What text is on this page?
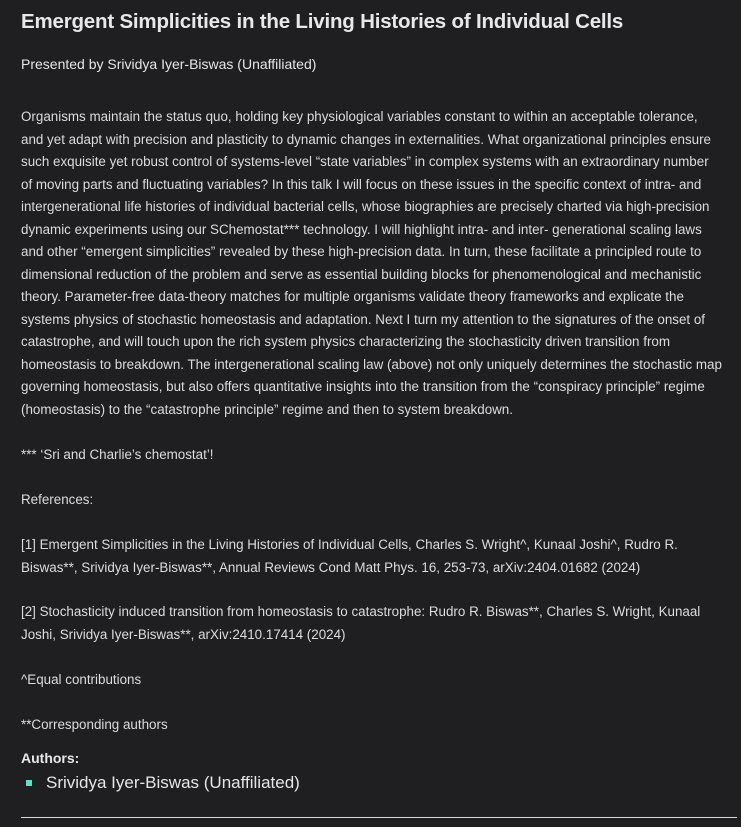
Emergent Simplicities in the Living Histories of Individual Cells
Presented by Srividya Iyer-Biswas (Unaffiliated)

Organisms maintain the status quo, holding key physiological variables constant to within an acceptable tolerance, and yet adapt with precision and plasticity to dynamic changes in externalities. What organizational principles ensure such exquisite yet robust control of systems-level “state variables” in complex systems with an extraordinary number of moving parts and fluctuating variables? In this talk I will focus on these issues in the specific context of intra- and intergenerational life histories of individual bacterial cells, whose biographies are precisely charted via high-precision dynamic experiments using our SChemostat*** technology. I will highlight intra- and inter- generational scaling laws and other “emergent simplicities” revealed by these high-precision data. In turn, these facilitate a principled route to dimensional reduction of the problem and serve as essential building blocks for phenomenological and mechanistic theory. Parameter-free data-theory matches for multiple organisms validate theory frameworks and explicate the systems physics of stochastic homeostasis and adaptation. Next I turn my attention to the signatures of the onset of catastrophe, and will touch upon the rich system physics characterizing the stochasticity driven transition from homeostasis to breakdown. The intergenerational scaling law (above) not only uniquely determines the stochastic map governing homeostasis, but also offers quantitative insights into the transition from the “conspiracy principle” regime (homeostasis) to the “catastrophe principle” regime and then to system breakdown.

*** ‘Sri and Charlie’s chemostat’!

References:

[1] Emergent Simplicities in the Living Histories of Individual Cells, Charles S. Wright^, Kunaal Joshi^, Rudro R. Biswas**, Srividya Iyer-Biswas**, Annual Reviews Cond Matt Phys. 16, 253-73, arXiv:2404.01682 (2024)

[2] Stochasticity induced transition from homeostasis to catastrophe: Rudro R. Biswas**, Charles S. Wright, Kunaal Joshi, Srividya Iyer-Biswas**, arXiv:2410.17414 (2024)

^Equal contributions

**Corresponding authors

Authors:
Srividya Iyer-Biswas (Unaffiliated)
